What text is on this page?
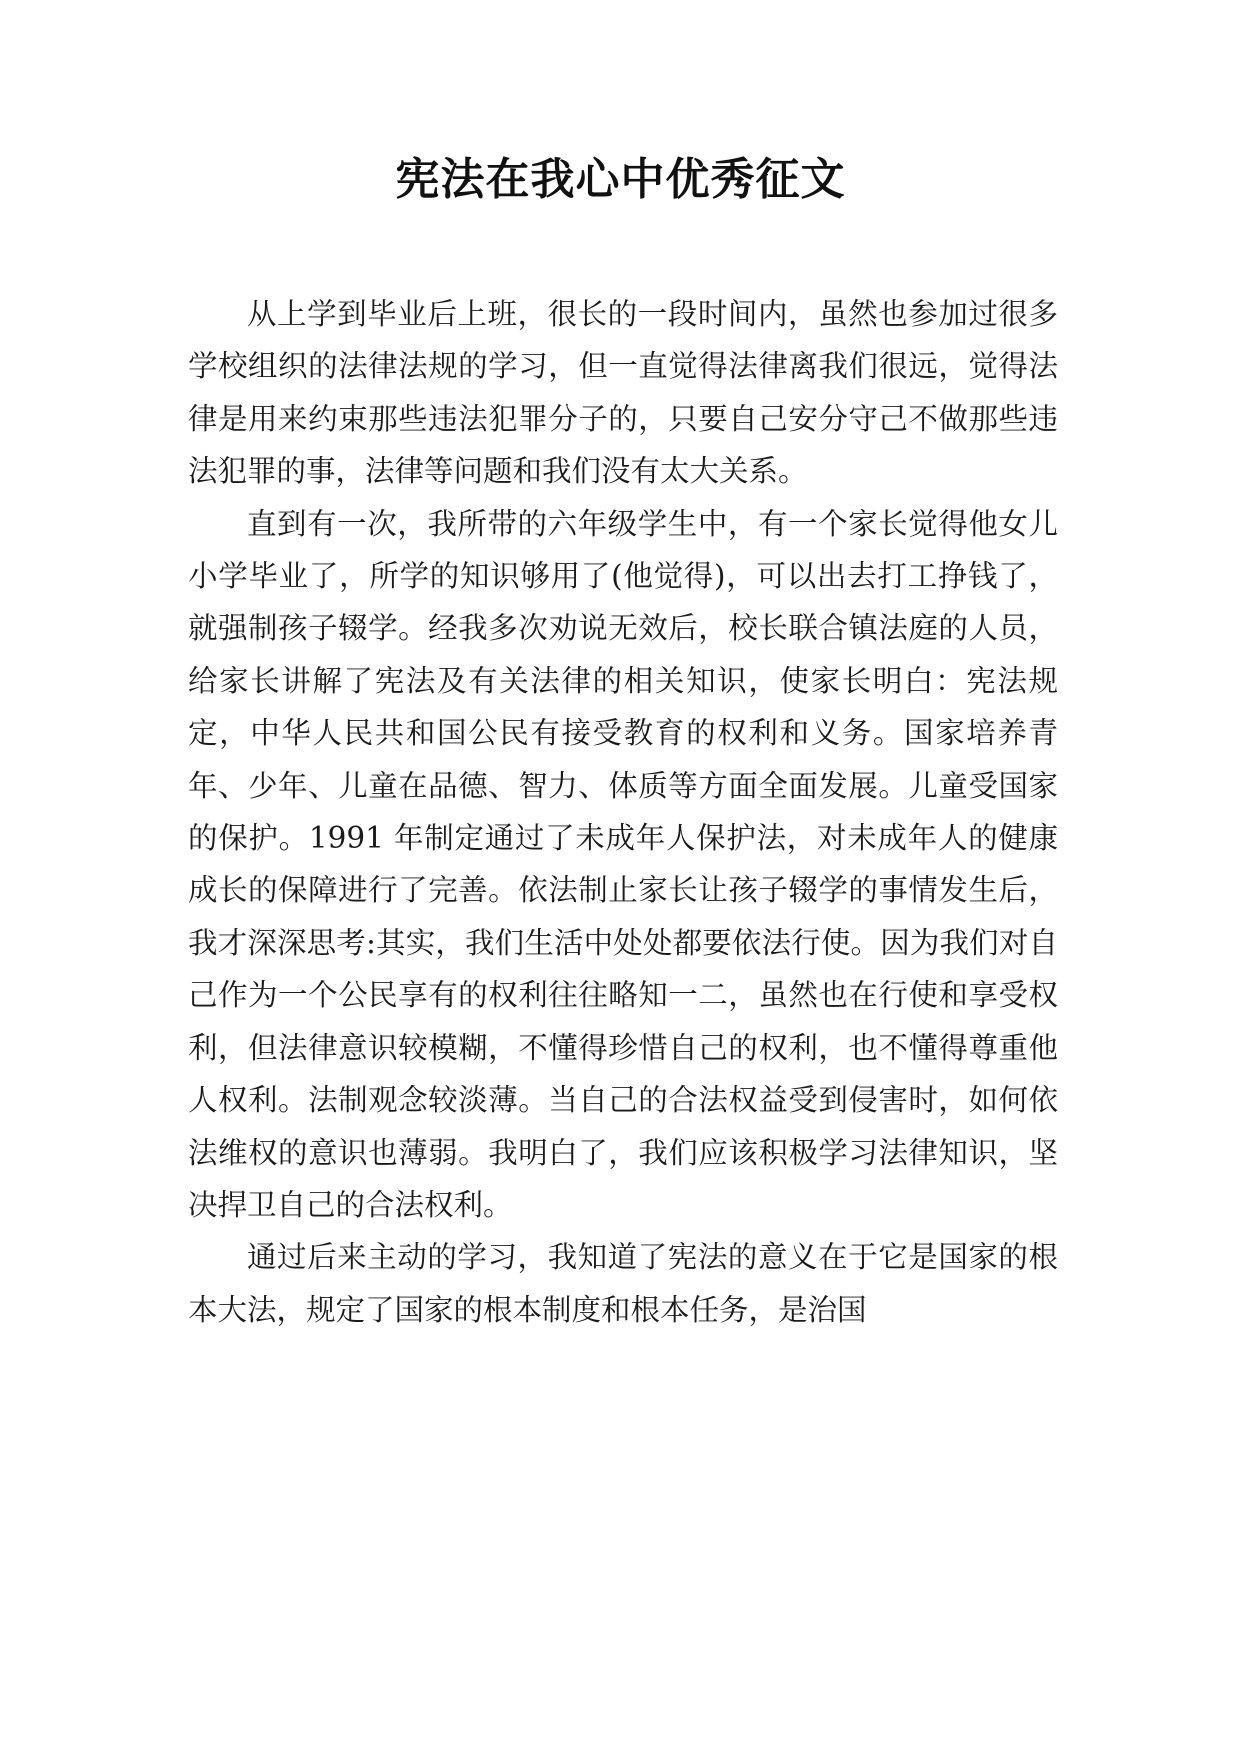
宪法在我心中优秀征文

从上学到毕业后上班，很长的一段时间内，虽然也参加过很多学校组织的法律法规的学习，但一直觉得法律离我们很远，觉得法律是用来约束那些违法犯罪分子的，只要自己安分守己不做那些违法犯罪的事，法律等问题和我们没有太大关系。

直到有一次，我所带的六年级学生中，有一个家长觉得他女儿小学毕业了，所学的知识够用了(他觉得)，可以出去打工挣钱了，就强制孩子辍学。经我多次劝说无效后，校长联合镇法庭的人员，给家长讲解了宪法及有关法律的相关知识，使家长明白：宪法规定，中华人民共和国公民有接受教育的权利和义务。国家培养青年、少年、儿童在品德、智力、体质等方面全面发展。儿童受国家的保护。1991 年制定通过了未成年人保护法，对未成年人的健康成长的保障进行了完善。依法制止家长让孩子辍学的事情发生后，我才深深思考:其实，我们生活中处处都要依法行使。因为我们对自己作为一个公民享有的权利往往略知一二，虽然也在行使和享受权利，但法律意识较模糊，不懂得珍惜自己的权利，也不懂得尊重他人权利。法制观念较淡薄。当自己的合法权益受到侵害时，如何依法维权的意识也薄弱。我明白了，我们应该积极学习法律知识，坚决捍卫自己的合法权利。

通过后来主动的学习，我知道了宪法的意义在于它是国家的根本大法，规定了国家的根本制度和根本任务，是治国
